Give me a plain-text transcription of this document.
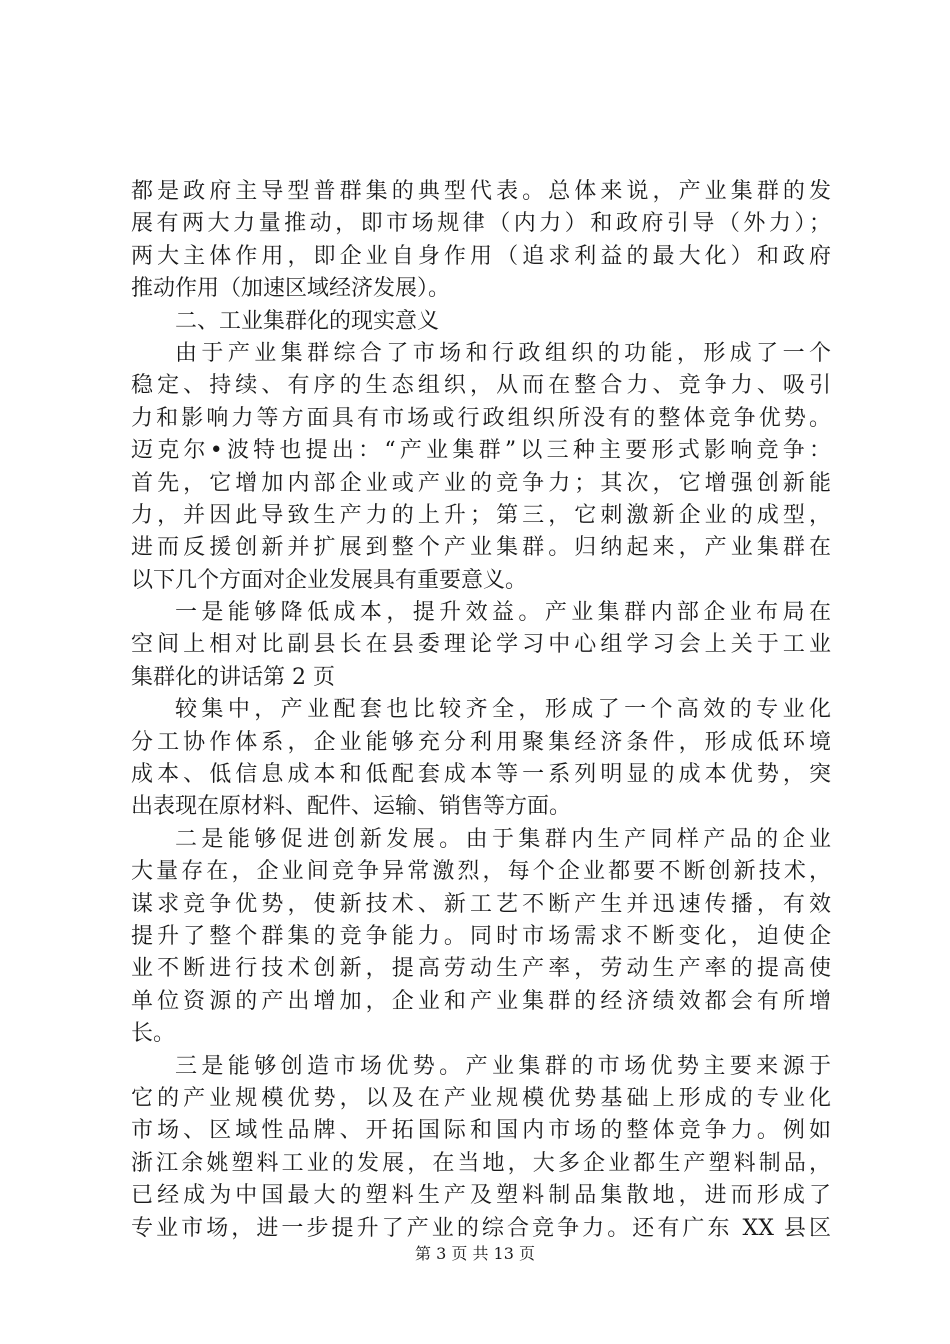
都是政府主导型普群集的典型代表。总体来说，产业集群的发
展有两大力量推动，即市场规律（内力）和政府引导（外力）；
两大主体作用，即企业自身作用（追求利益的最大化）和政府
推动作用（加速区域经济发展）。
二、工业集群化的现实意义
由于产业集群综合了市场和行政组织的功能，形成了一个
稳定、持续、有序的生态组织，从而在整合力、竞争力、吸引
力和影响力等方面具有市场或行政组织所没有的整体竞争优势。
迈克尔•波特也提出：“产业集群”以三种主要形式影响竞争：
首先，它增加内部企业或产业的竞争力；其次，它增强创新能
力，并因此导致生产力的上升；第三，它刺激新企业的成型，
进而反援创新并扩展到整个产业集群。归纳起来，产业集群在
以下几个方面对企业发展具有重要意义。
一是能够降低成本，提升效益。产业集群内部企业布局在
空间上相对比副县长在县委理论学习中心组学习会上关于工业
集群化的讲话第 2 页
较集中，产业配套也比较齐全，形成了一个高效的专业化
分工协作体系，企业能够充分利用聚集经济条件，形成低环境
成本、低信息成本和低配套成本等一系列明显的成本优势，突
出表现在原材料、配件、运输、销售等方面。
二是能够促进创新发展。由于集群内生产同样产品的企业
大量存在，企业间竞争异常激烈，每个企业都要不断创新技术，
谋求竞争优势，使新技术、新工艺不断产生并迅速传播，有效
提升了整个群集的竞争能力。同时市场需求不断变化，迫使企
业不断进行技术创新，提高劳动生产率，劳动生产率的提高使
单位资源的产出增加，企业和产业集群的经济绩效都会有所增
长。
三是能够创造市场优势。产业集群的市场优势主要来源于
它的产业规模优势，以及在产业规模优势基础上形成的专业化
市场、区域性品牌、开拓国际和国内市场的整体竞争力。例如
浙江余姚塑料工业的发展，在当地，大多企业都生产塑料制品，
已经成为中国最大的塑料生产及塑料制品集散地，进而形成了
专业市场，进一步提升了产业的综合竞争力。还有广东 XX 县区
第 3 页 共 13 页
